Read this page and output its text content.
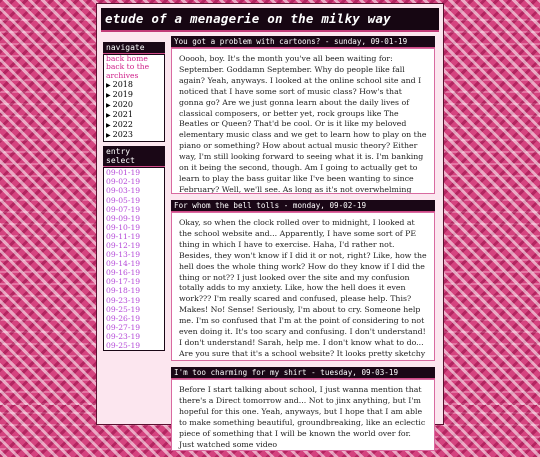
etude of a menagerie on the milky way
navigate
back home
back to the archives
▶ 2018
▶ 2019
▶ 2020
▶ 2021
▶ 2022
▶ 2023
entry select
09-01-19
09-02-19
09-03-19
09-05-19
09-07-19
09-09-19
09-10-19
09-11-19
09-12-19
09-13-19
09-14-19
09-16-19
09-17-19
09-18-19
09-23-19
09-25-19
09-26-19
09-27-19
09-23-19
09-25-19
You got a problem with cartoons? - sunday, 09-01-19
Ooooh, boy. It's the month you've all been waiting for: September. Goddamn September. Why do people like fall again? Yeah, anyways. I looked at the online school site and I noticed that I have some sort of music class? How's that gonna go? Are we just gonna learn about the daily lives of classical composers, or better yet, rock groups like The Beatles or Queen? That'd be cool. Or is it like my beloved elementary music class and we get to learn how to play on the piano or something? How about actual music theory? Either way, I'm still looking forward to seeing what it is. I'm banking on it being the second, though. Am I going to actually get to learn to play the bass guitar like I've been wanting to since February? Well, we'll see. As long as it's not overwhelming
For whom the bell tolls - monday, 09-02-19
Okay, so when the clock rolled over to midnight, I looked at the school website and... Apparently, I have some sort of PE thing in which I have to exercise. Haha, I'd rather not. Besides, they won't know if I did it or not, right? Like, how the hell does the whole thing work? How do they know if I did the thing or not?? I just looked over the site and my confusion totally adds to my anxiety. Like, how the hell does it even work??? I'm really scared and confused, please help. This? Makes! No! Sense! Seriously, I'm about to cry. Someone help me. I'm so confused that I'm at the point of considering to not even doing it. It's too scary and confusing. I don't understand! I don't understand! Sarah, help me. I don't know what to do... Are you sure that it's a school website? It looks pretty sketchy
I'm too charming for my shirt - tuesday, 09-03-19
Before I start talking about school, I just wanna mention that there's a Direct tomorrow and... Not to jinx anything, but I'm hopeful for this one. Yeah, anyways, but I hope that I am able to make something beautiful, groundbreaking, like an eclectic piece of something that I will be known the world over for. Just watched some video
